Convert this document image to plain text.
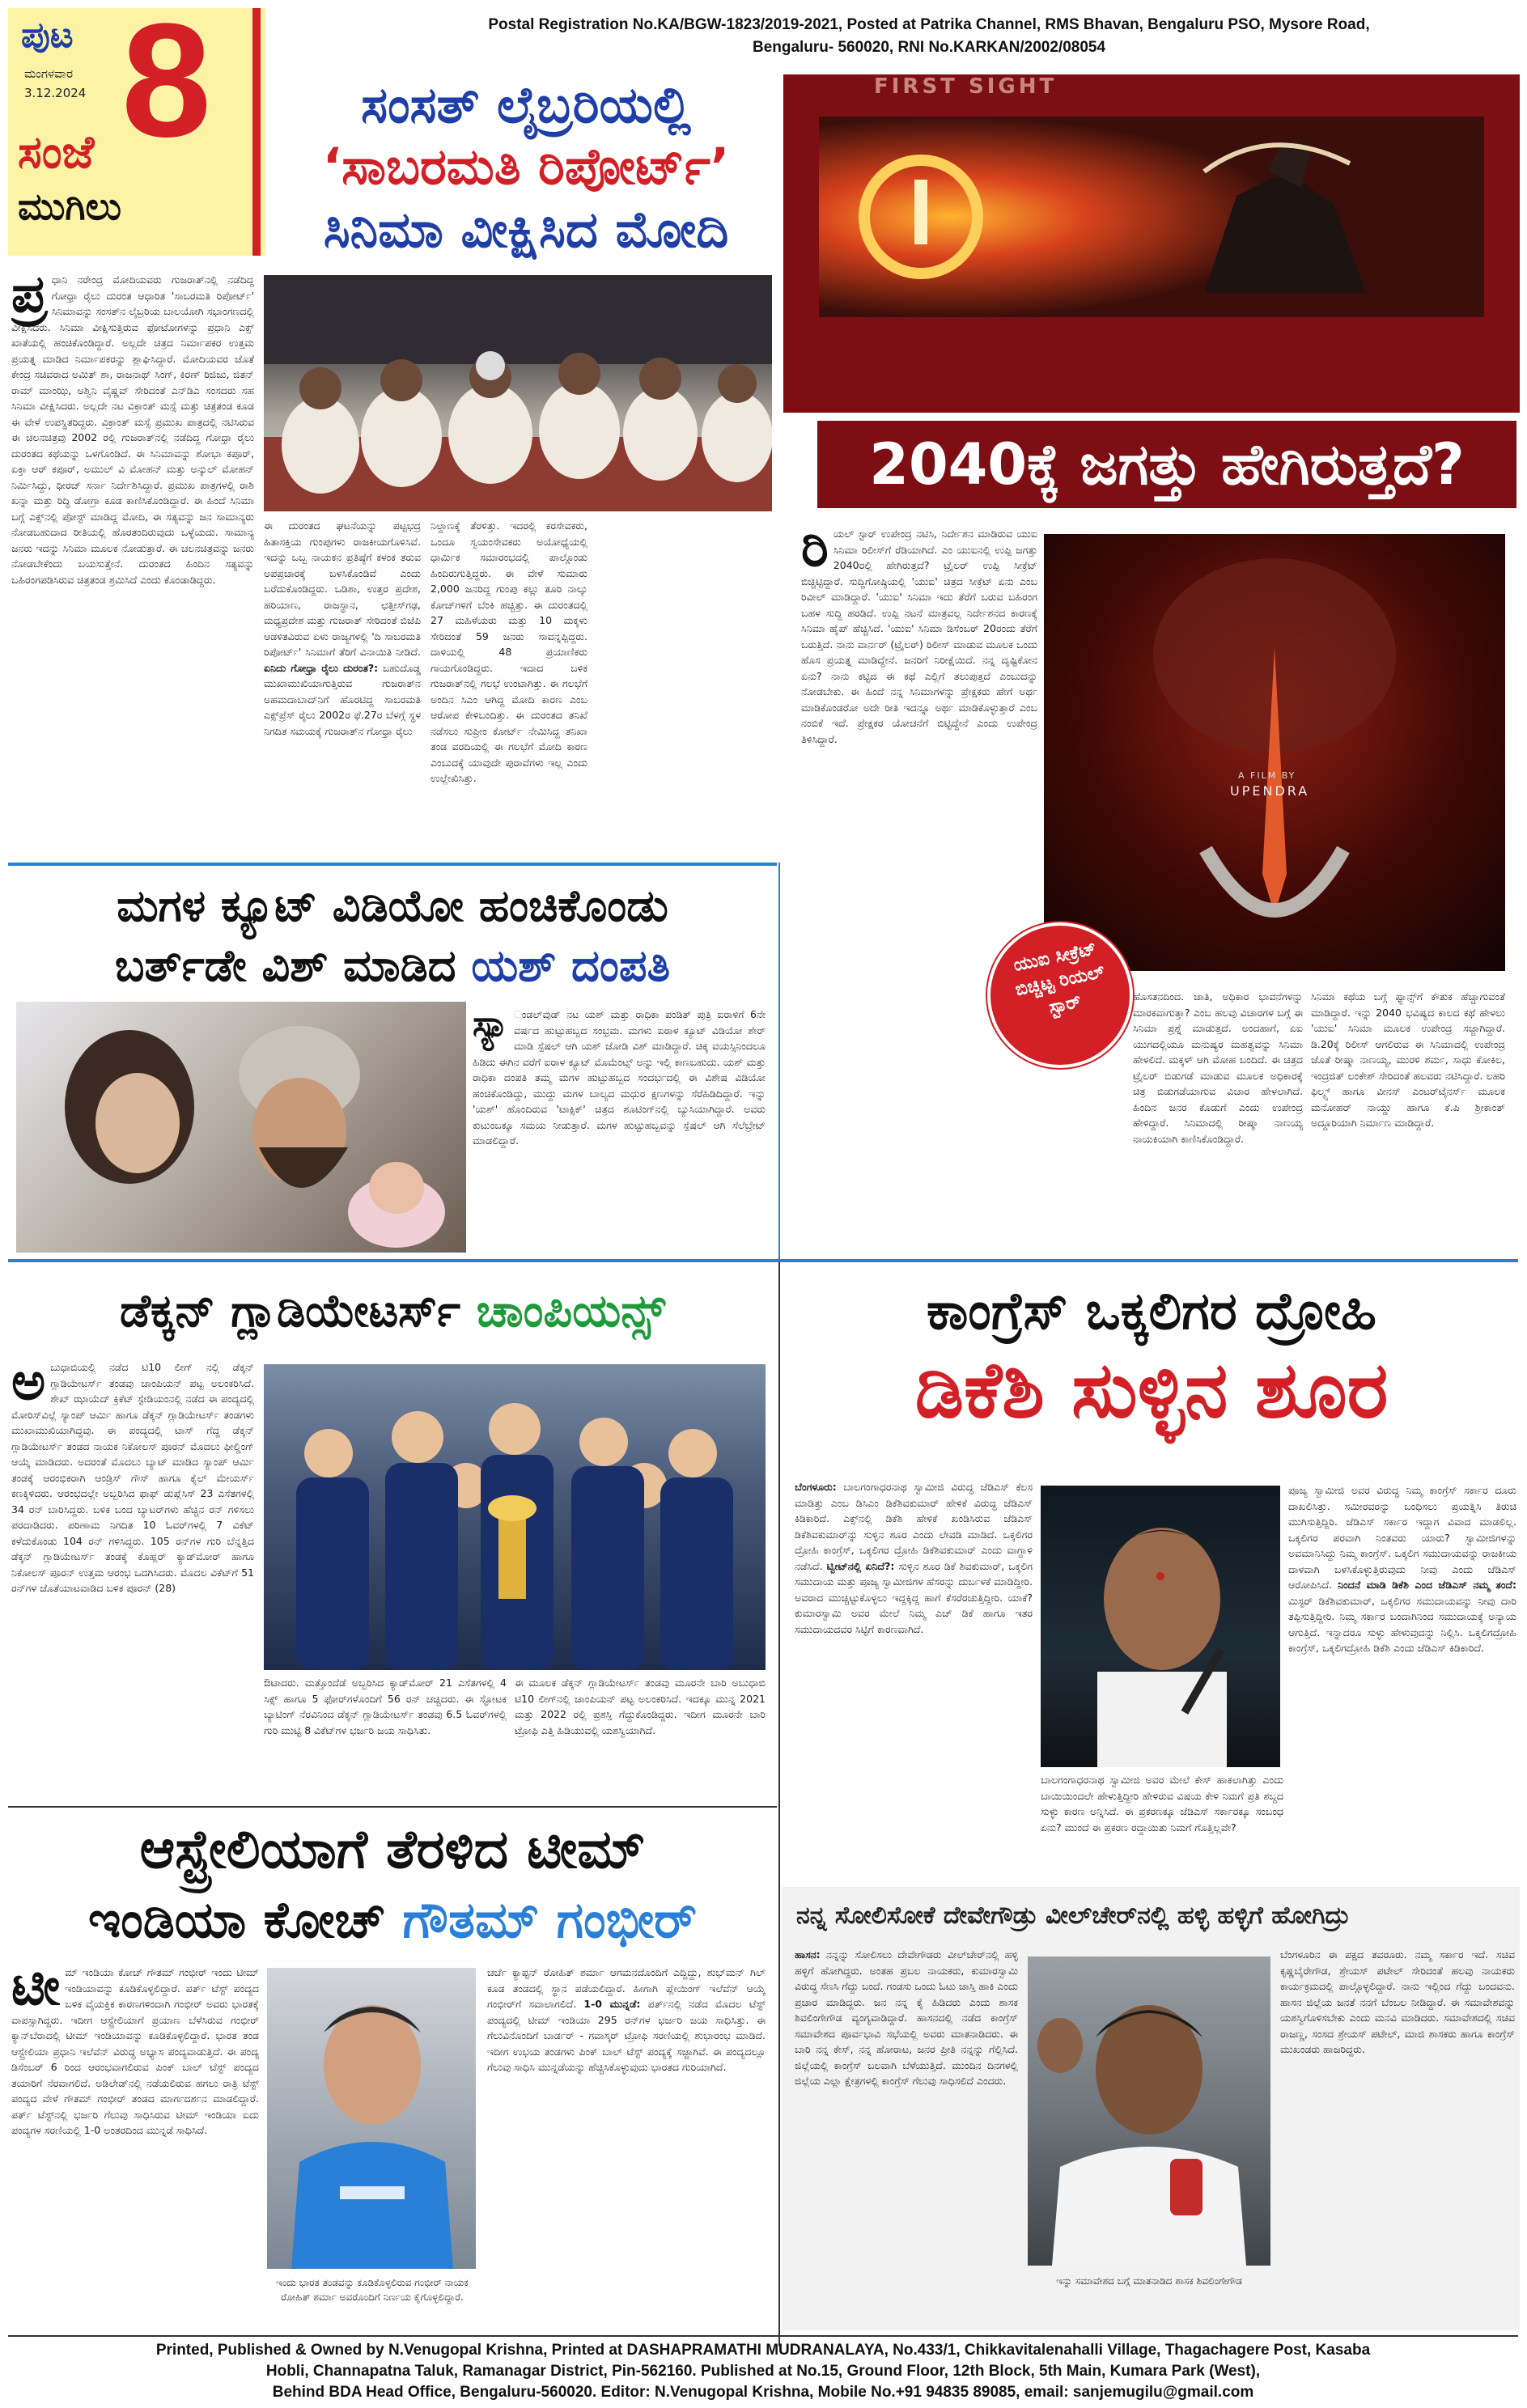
ಪುಟ
ಮಂಗಳವಾರ
3.12.2024 8
ಸಂಜೆ
ಮುಗಿಲು
Postal Registration No.KA/BGW-1823/2019-2021, Posted at Patrika Channel, RMS Bhavan, Bengaluru PSO, Mysore Road,
Bengaluru- 560020, RNI No.KARKAN/2002/08054
ಸಂಸತ್ ಲೈಬ್ರರಿಯಲ್ಲಿ
‘ಸಾಬರಮತಿ ರಿಪೋರ್ಟ್’
ಸಿನಿಮಾ ವೀಕ್ಷಿಸಿದ ಮೋದಿ
ಪ್ರ ಧಾನಿ ನರೇಂದ್ರ ಮೋದಿಯವರು ಗುಜರಾತ್‌ನಲ್ಲಿ ನಡೆದಿದ್ದ ಗೋಧ್ರಾ ರೈಲು ದುರಂತ ಆಧಾರಿತ 'ಸಾಬರಮತಿ ರಿಪೋರ್ಟ್' ಸಿನಿಮಾವನ್ನು ಸಂಸತ್‌ನ ಲೈಬ್ರರಿಯ ಬಾಲಯೋಗಿ ಸಭಾಂಗಣದಲ್ಲಿ ವೀಕ್ಷಿಸಿದರು. ಸಿನಿಮಾ ವೀಕ್ಷಿಸುತ್ತಿರುವ ಫೋಟೋಗಳನ್ನು ಪ್ರಧಾನಿ ಎಕ್ಸ್ ಖಾತೆಯಲ್ಲಿ ಹಂಚಿಕೊಂಡಿದ್ದಾರೆ. ಅಲ್ಲದೇ ಚಿತ್ರದ ನಿರ್ಮಾಪಕರ ಉತ್ತಮ ಪ್ರಯತ್ನ ಮಾಡಿದ ನಿರ್ಮಾಪಕರನ್ನು ಶ್ಲಾಘಿಸಿದ್ದಾರೆ. ಮೋದಿಯವರ ಜೊತೆ ಕೇಂದ್ರ ಸಚಿವರಾದ ಅಮಿತ್ ಶಾ, ರಾಜನಾಥ್ ಸಿಂಗ್, ಕಿರಣ್ ರಿಜಿಜು, ಜಿತನ್ ರಾಮ್ ಮಾಂಝಿ, ಅಶ್ವಿನಿ ವೈಷ್ಣವ್ ಸೇರಿದಂತೆ ಎನ್‌ಡಿಎ ಸಂಸದರು ಸಹ ಸಿನಿಮಾ ವೀಕ್ಷಿಸಿದರು. ಅಲ್ಲದೇ ನಟ ವಿಕ್ರಾಂತ್ ಮಸ್ಸೆ ಮತ್ತು ಚಿತ್ರತಂಡ ಕೂಡ ಈ ವೇಳೆ ಉಪಸ್ಥಿತರಿದ್ದರು. ವಿಕ್ರಾಂತ್ ಮಸ್ಸೆ ಪ್ರಮುಖ ಪಾತ್ರದಲ್ಲಿ ನಟಿಸಿರುವ ಈ ಚಲನಚಿತ್ರವು 2002 ರಲ್ಲಿ ಗುಜರಾತ್‌ನಲ್ಲಿ ನಡೆದಿದ್ದ ಗೋಧ್ರಾ ರೈಲು ದುರಂತದ ಕಥೆಯನ್ನು ಒಳಗೊಂಡಿದೆ. ಈ ಸಿನಿಮಾವನ್ನು ಶೋಭಾ ಕಪೂರ್, ಏಕ್ತಾ ಆರ್ ಕಪೂರ್, ಅಮುಲ್ ವಿ ಮೋಹನ್ ಮತ್ತು ಅನ್ಶುಲ್ ಮೋಹನ್ ನಿರ್ಮಿಸಿದ್ದು, ಧೀರಜ್ ಸರ್ನಾ ನಿರ್ದೇಶಿಸಿದ್ದಾರೆ. ಪ್ರಮುಖ ಪಾತ್ರಗಳಲ್ಲಿ ರಾಶಿ ಖನ್ನಾ ಮತ್ತು ರಿದ್ಧಿ ಡೋಗ್ರಾ ಕೂಡ ಕಾಣಿಸಿಕೊಂಡಿದ್ದಾರೆ. ಈ ಹಿಂದೆ ಸಿನಿಮಾ ಬಗ್ಗೆ ಎಕ್ಸ್‌ನಲ್ಲಿ ಪೋಸ್ಟ್ ಮಾಡಿದ್ದ ಮೋದಿ, ಈ ಸತ್ಯವನ್ನು ಜನ ಸಾಮಾನ್ಯರು ನೋಡಬಹುದಾದ ರೀತಿಯಲ್ಲಿ ಹೊರತಂದಿರುವುದು ಒಳ್ಳೆಯದು. ಸಾಮಾನ್ಯ ಜನರು ಇದನ್ನು ಸಿನಿಮಾ ಮೂಲಕ ನೋಡುತ್ತಾರೆ. ಈ ಚಲನಚಿತ್ರವನ್ನು ಜನರು ನೋಡಬೇಕೆಂದು ಬಯಸುತ್ತೇನೆ. ದುರಂತದ ಹಿಂದಿನ ಸತ್ಯವನ್ನು ಬಹಿರಂಗಪಡಿಸಿರುವ ಚಿತ್ರತಂಡ ಶ್ರಮಿಸಿದೆ ಎಂದು ಕೊಂಡಾಡಿದ್ದರು.
ಈ ದುರಂತದ ಘಟನೆಯನ್ನು ಪಟ್ಟಭದ್ರ ಹಿತಾಸಕ್ತಿಯ ಗುಂಪುಗಳು ರಾಜಕೀಯಗೊಳಿಸಿವೆ. ಇದನ್ನು ಒಬ್ಬ ನಾಯಕನ ಪ್ರತಿಷ್ಠೆಗೆ ಕಳಂಕ ತರುವ ಅಪಪ್ರಚಾರಕ್ಕೆ ಬಳಸಿಕೊಂಡಿವೆ ಎಂದು ಬರೆದುಕೊಂಡಿದ್ದರು. ಒಡಿಶಾ, ಉತ್ತರ ಪ್ರದೇಶ, ಹರಿಯಾಣ, ರಾಜಸ್ಥಾನ, ಛತ್ತೀಸ್‌ಗಢ, ಮಧ್ಯಪ್ರದೇಶ ಮತ್ತು ಗುಜರಾತ್ ಸೇರಿದಂತೆ ಬಿಜೆಪಿ ಆಡಳಿತವಿರುವ ಏಳು ರಾಜ್ಯಗಳಲ್ಲಿ 'ದಿ ಸಾಬರಮತಿ ರಿಪೋರ್ಟ್' ಸಿನಿಮಾಗೆ ತೆರಿಗೆ ವಿನಾಯಿತಿ ನೀಡಿದೆ. ಏನಿದು ಗೋಧ್ರಾ ರೈಲು ದುರಂತ?: ಬಹುದೊಡ್ಡ ಮುಖಾಮುಖಿಯಾಗುತ್ತಿರುವ ಗುಜರಾತ್‌ನ ಅಹಮದಾಬಾದ್‌ನಿಗೆ ಹೊರಟಿದ್ದ ಸಾಬರಮತಿ ಎಕ್ಸ್‌ಪ್ರೆಸ್ ರೈಲು 2002ರ ಫೆ.27ರ ಬೆಳಗ್ಗೆ ಸ್ಥಳ ನಿಗದಿತ ಸಮಯಕ್ಕೆ ಗುಜರಾತ್‌ನ ಗೋಧ್ರಾ ರೈಲು
ನಿಲ್ದಾಣಕ್ಕೆ ತೆರಳಿತ್ತು. ಇದರಲ್ಲಿ ಕರಸೇವಕರು, ಒಂದೂ ಸ್ವಯಂಸೇವಕರು ಅಯೋಧ್ಯೆಯಲ್ಲಿ ಧಾರ್ಮಿಕ ಸಮಾರಂಭದಲ್ಲಿ ಪಾಲ್ಗೊಂಡು ಹಿಂದಿರುಗುತ್ತಿದ್ದರು. ಈ ವೇಳೆ ಸುಮಾರು 2,000 ಜನರಿದ್ದ ಗುಂಪು ಕಲ್ಲು ತೂರಿ ನಾಲ್ಕು ಕೋಚ್‌ಗಳಿಗೆ ಬೆಂಕಿ ಹಚ್ಚಿತ್ತು. ಈ ದುರಂತದಲ್ಲಿ 27 ಮಹಿಳೆಯರು ಮತ್ತು 10 ಮಕ್ಕಳು ಸೇರಿದಂತೆ 59 ಜನರು ಸಾವನ್ನಪ್ಪಿದ್ದರು. ದಾಳಿಯಲ್ಲಿ 48 ಪ್ರಯಾಣಿಕರು ಗಾಯಗೊಂಡಿದ್ದರು. ಇದಾದ ಬಳಿಕ ಗುಜರಾತ್‌ನಲ್ಲಿ ಗಲಭೆ ಉಂಟಾಗಿತ್ತು. ಈ ಗಲಭೆಗೆ ಅಂದಿನ ಸಿಎಂ ಆಗಿದ್ದ ಮೋದಿ ಕಾರಣ ಎಂಬ ಆರೋಪ ಕೇಳಿಬಂದಿತ್ತು. ಈ ದುರಂತದ ತನಿಖೆ ನಡೆಸಲು ಸುಪ್ರೀಂ ಕೋರ್ಟ್ ನೇಮಿಸಿದ್ದ ತನಿಖಾ ತಂಡ ವರದಿಯಲ್ಲಿ ಈ ಗಲಭೆಗೆ ಮೋದಿ ಕಾರಣ ಎಂಬುದಕ್ಕೆ ಯಾವುದೇ ಪುರಾವೆಗಳು ಇಲ್ಲ ಎಂದು ಉಲ್ಲೇಖಿಸಿತ್ತು.
FIRST SIGHT
2040ಕ್ಕೆ ಜಗತ್ತು ಹೇಗಿರುತ್ತದೆ?
ರಿಯಲ್ ಸ್ಟಾರ್ ಉಪೇಂದ್ರ ನಟಿಸಿ, ನಿರ್ದೇಶನ ಮಾಡಿರುವ ಯುಐ ಸಿನಿಮಾ ರಿಲೀಸ್‌ಗೆ ರೆಡಿಯಾಗಿದೆ. ಎಂ ಯುಐನಲ್ಲಿ ಉಪ್ಪಿ ಜಗತ್ತು 2040ರಲ್ಲಿ ಹೇಗಿರುತ್ತದೆ? ಟ್ರೈಲರ್ ಉಪ್ಪಿ ಸೀಕ್ರೆಟ್ ಬಿಚ್ಚಿಟ್ಟಿದ್ದಾರೆ. ಸುದ್ದಿಗೋಷ್ಠಿಯಲ್ಲಿ 'ಯುಐ' ಚಿತ್ರದ ಸೀಕ್ರೆಟ್ ಏನು ಎಂಬ ರಿವೀಲ್ ಮಾಡಿದ್ದಾರೆ. 'ಯುಐ' ಸಿನಿಮಾ ಇದು ತೆರೆಗೆ ಬರುವ ಬಹಿರಂಗ ಬಹಳ ಸುದ್ದಿ ಹರಡಿದೆ. ಉಪ್ಪಿ ನಟನೆ ಮಾತ್ರವಲ್ಲ ನಿರ್ದೇಶನದ ಕಾರಣಕ್ಕೆ ಸಿನಿಮಾ ಹೈಪ್ ಹೆಚ್ಚಿಸಿದೆ. 'ಯುಐ' ಸಿನಿಮಾ ಡಿಸೆಂಬರ್ 20ರಂದು ತೆರೆಗೆ ಬರುತ್ತಿದೆ. ನಾನು ವಾರ್ನರ್ (ಟ್ರೈಲರ್) ರಿಲೀಸ್ ಮಾಡುವ ಮೂಲಕ ಒಂದು ಹೊಸ ಪ್ರಯತ್ನ ಮಾಡಿದ್ದೇನೆ. ಜನರಿಗೆ ನಿರೀಕ್ಷೆಯಿದೆ. ನನ್ನ ದೃಷ್ಟಿಕೋನ ಏನು? ನಾನು ಕಟ್ಟಿದ ಈ ಕಥೆ ಎಲ್ಲಿಗೆ ತಲುಪುತ್ತದೆ ಎಂಬುದನ್ನು ನೋಡಬೇಕು. ಈ ಹಿಂದೆ ನನ್ನ ಸಿನಿಮಾಗಳನ್ನು ಪ್ರೇಕ್ಷಕರು ಹೇಗೆ ಅರ್ಥ ಮಾಡಿಕೊಂಡರೋ ಅದೇ ರೀತಿ ಇದನ್ನೂ ಅರ್ಥ ಮಾಡಿಕೊಳ್ಳುತ್ತಾರೆ ಎಂಬ ನಂಬಿಕೆ ಇದೆ. ಪ್ರೇಕ್ಷಕರ ಯೋಚನೆಗೆ ಬಿಟ್ಟಿದ್ದೇನೆ ಎಂದು ಉಪೇಂದ್ರ ತಿಳಿಸಿದ್ದಾರೆ.
A FILM BY
UPENDRA
ಯುಐ ಸೀಕ್ರೆಟ್ ಬಿಚ್ಚಿಟ್ಟ ರಿಯಲ್ ಸ್ಟಾರ್	ಹೊಸತನದಿಂದ. ಜಾತಿ, ಅಧಿಕಾರ ಭಾವನೆಗಳನ್ನು ಮಾರಕವಾಗುತ್ತಾ? ಎಂಬ ಹಲವು ವಿಚಾರಗಳ ಬಗ್ಗೆ ಈ ಸಿನಿಮಾ ಪ್ರಶ್ನೆ ಮಾಡುತ್ತದೆ. ಅಂದಹಾಗೆ, ಏಐ ಯುಗದಲ್ಲಿಯೂ ಮನುಷ್ಯರ ಮಹತ್ವವನ್ನು ಸಿನಿಮಾ ಹೇಳಲಿದೆ. ಮಕ್ಕಳ್ ಆಗಿ ಮೋಹ ಬಂದಿದೆ. ಈ ಚಿತ್ರದ ಟ್ರೈಲರ್ ಬಿಡುಗಡೆ ಮಾಡುವ ಮೂಲಕ ಅಧಿಕಾರಕ್ಕೆ ಚಿತ್ರ ಬಿಡುಗಡೆಯಾಗುವ ವಿಚಾರ ಹೇಳಲಾಗಿದೆ. ಹಿಂದಿನ ಜನರ ಕೊಡುಗೆ ಎಂದು ಉಪೇಂದ್ರ ಹೇಳಿದ್ದಾರೆ. ಸಿನಿಮಾದಲ್ಲಿ ರೀಷ್ಮಾ ನಾಣಯ್ಯ ನಾಯಕಿಯಾಗಿ ಕಾಣಿಸಿಕೊಂಡಿದ್ದಾರೆ.
ಸಿನಿಮಾ ಕಥೆಯ ಬಗ್ಗೆ ಫ್ಯಾನ್ಸ್‌ಗೆ ಕೌತುಕ ಹೆಚ್ಚಾಗುವಂತೆ ಮಾಡಿದ್ದಾರೆ. ಇನ್ನು 2040 ಭವಿಷ್ಯದ ಕಾಲದ ಕಥೆ ಹೇಳಲು 'ಯುಐ' ಸಿನಿಮಾ ಮೂಲಕ ಉಪೇಂದ್ರ ಸಜ್ಜಾಗಿದ್ದಾರೆ. ಡಿ.20ಕ್ಕೆ ರಿಲೀಸ್ ಆಗಲಿರುವ ಈ ಸಿನಿಮಾದಲ್ಲಿ ಉಪೇಂದ್ರ ಜೊತೆ ರೀಷ್ಮಾ ನಾಣಯ್ಯ, ಮುರಳಿ ಶರ್ಮ, ಸಾಧು ಕೋಕಿಲ, ಇಂದ್ರಜಿತ್ ಲಂಕೇಶ್ ಸೇರಿದಂತೆ ಹಲವರು ನಟಿಸಿದ್ದಾರೆ. ಲಹರಿ ಫಿಲ್ಮ್ಸ್ ಹಾಗೂ ವೀನಸ್ ಎಂಟರ್‌ಟೈನರ್ಸ್ ಮೂಲಕ ಮನೋಹರ್ ನಾಯ್ಡು ಹಾಗೂ ಕೆ.ಪಿ ಶ್ರೀಕಾಂತ್ ಅದ್ದೂರಿಯಾಗಿ ನಿರ್ಮಾಣ ಮಾಡಿದ್ದಾರೆ.
ಮಗಳ ಕ್ಯೂಟ್ ವಿಡಿಯೋ ಹಂಚಿಕೊಂಡು
ಬರ್ತ್‌ಡೇ ವಿಶ್ ಮಾಡಿದ ಯಶ್ ದಂಪತಿ
ಸ್ಯಾ ಂಡಲ್‌ವುಡ್ ನಟ ಯಶ್ ಮತ್ತು ರಾಧಿಕಾ ಪಂಡಿತ್ ಪುತ್ರಿ ಐರಾಳಿಗೆ 6ನೇ ವರ್ಷದ ಹುಟ್ಟುಹಬ್ಬದ ಸಂಭ್ರಮ. ಮಗಳು ಐರಾಳ ಕ್ಯೂಟ್ ವಿಡಿಯೋ ಶೇರ್ ಮಾಡಿ ಸ್ಪೆಷಲ್ ಆಗಿ ಯಶ್ ಜೋಡಿ ವಿಶ್ ಮಾಡಿದ್ದಾರೆ. ಚಿಕ್ಕ ವಯಸ್ಸಿನಿಂದಲೂ ಹಿಡಿದು ಈಗಿನ ವರೆಗೆ ಐರಾಳ ಕ್ಯೂಟ್ ಮೊಮೆಂಟ್ಸ್ ಅನ್ನು ಇಲ್ಲಿ ಕಾಣಬಹುದು. ಯಶ್ ಮತ್ತು ರಾಧಿಕಾ ದಂಪತಿ ತಮ್ಮ ಮಗಳ ಹುಟ್ಟುಹಬ್ಬದ ಸಂದರ್ಭದಲ್ಲಿ ಈ ವಿಶೇಷ ವಿಡಿಯೋ ಹಂಚಿಕೊಂಡಿದ್ದು, ಮುದ್ದು ಮಗಳ ಬಾಲ್ಯದ ಮಧುರ ಕ್ಷಣಗಳನ್ನು ಸೆರೆಹಿಡಿದಿದ್ದಾರೆ. ಇನ್ನು 'ಯಶ್' ಹೊಂದಿರುವ 'ಟಾಕ್ಸಿಕ್' ಚಿತ್ರದ ಶೂಟಿಂಗ್‌ನಲ್ಲಿ ಬ್ಯುಸಿಯಾಗಿದ್ದಾರೆ. ಅವರು ಕುಟುಂಬಕ್ಕೂ ಸಮಯ ನೀಡುತ್ತಾರೆ. ಮಗಳ ಹುಟ್ಟುಹಬ್ಬವನ್ನು ಸ್ಪೆಷಲ್ ಆಗಿ ಸೆಲೆಬ್ರೇಟ್ ಮಾಡಲಿದ್ದಾರೆ.
ಡೆಕ್ಕನ್ ಗ್ಲಾಡಿಯೇಟರ್ಸ್ ಚಾಂಪಿಯನ್ಸ್
ಅಬುಧಾಬಿಯಲ್ಲಿ ನಡೆದ ಟಿ10 ಲೀಗ್ ನಲ್ಲಿ ಡೆಕ್ಕನ್ ಗ್ಲಾಡಿಯೇಟರ್ಸ್ ತಂಡವು ಚಾಂಪಿಯನ್ ಪಟ್ಟ ಅಲಂಕರಿಸಿದೆ. ಶೇಖ್ ಝಾಯೆದ್ ಕ್ರಿಕೆಟ್ ಸ್ಟೇಡಿಯಂನಲ್ಲಿ ನಡೆದ ಈ ಪಂದ್ಯದಲ್ಲಿ ಮೋರಿಸ್‌ವಿಲ್ಲೆ ಸ್ಯಾಂಪ್ ಆರ್ಮಿ ಹಾಗೂ ಡೆಕ್ಕನ್ ಗ್ಲಾಡಿಯೇಟರ್ಸ್ ತಂಡಗಳು ಮುಖಾಮುಖಿಯಾಗಿದ್ದವು. ಈ ಪಂದ್ಯದಲ್ಲಿ ಟಾಸ್ ಗೆದ್ದ ಡೆಕ್ಕನ್ ಗ್ಲಾಡಿಯೇಟರ್ಸ್ ತಂಡದ ನಾಯಕ ನಿಕೋಲಸ್ ಪೂರನ್ ಮೊದಲು ಫೀಲ್ಡಿಂಗ್ ಆಯ್ಕೆ ಮಾಡಿದರು. ಅದರಂತೆ ಮೊದಲು ಬ್ಯಾಟ್ ಮಾಡಿದ ಸ್ಯಾಂಪ್ ಆರ್ಮಿ ತಂಡಕ್ಕೆ ಆರಂಭಿಕರಾಗಿ ಆಂಡ್ರಿಸ್ ಗೌಸ್ ಹಾಗೂ ಕೈಲ್ ಮೇಯರ್ಸ್ ಕಣಕ್ಕಿಳಿದರು. ಆರಂಭದಲ್ಲೇ ಅಬ್ಬರಿಸಿದ ಫಾಫ್ ಡುಪ್ಲೆಸಿಸ್ 23 ಎಸೆತಗಳಲ್ಲಿ 34 ರನ್ ಬಾರಿಸಿದ್ದರು. ಬಳಿಕ ಬಂದ ಬ್ಯಾಟರ್‌ಗಳು ಹೆಚ್ಚಿನ ರನ್ ಗಳಿಸಲು ಪರದಾಡಿದರು. ಪರಿಣಾಮ ನಿಗದಿತ 10 ಓವರ್‌ಗಳಲ್ಲಿ 7 ವಿಕೆಟ್ ಕಳೆದುಕೊಂಡು 104 ರನ್ ಗಳಿಸಿದ್ದರು. 105 ರನ್‌ಗಳ ಗುರಿ ಬೆನ್ನತ್ತಿದ ಡೆಕ್ಕನ್ ಗ್ಲಾಡಿಯೇಟರ್ಸ್ ತಂಡಕ್ಕೆ ಕೊಹ್ಲರ್ ಕ್ಯಾಡ್‌ಮೋರ್ ಹಾಗೂ ನಿಕೋಲಸ್ ಪೂರನ್ ಉತ್ತಮ ಆರಂಭ ಒದಗಿಸಿದರು. ಮೊದಲ ವಿಕೆಟ್‌ಗೆ 51 ರನ್‌ಗಳ ಜೊತೆಯಾಟವಾಡಿದ ಬಳಿಕ ಪೂರನ್ (28)
ಔಟಾದರು. ಮತ್ತೊಂದೆಡೆ ಅಬ್ಬರಿಸಿದ ಕ್ಯಾಡ್‌ಮೋರ್ 21 ಎಸೆತಗಳಲ್ಲಿ 4 ಸಿಕ್ಸ್ ಹಾಗೂ 5 ಫೋರ್‌ಗಳೊಂದಿಗೆ 56 ರನ್ ಚಚ್ಚಿದರು. ಈ ಸ್ಫೋಟಕ ಬ್ಯಾಟಿಂಗ್ ನೆರವಿನಿಂದ ಡೆಕ್ಕನ್ ಗ್ಲಾಡಿಯೇಟರ್ಸ್ ತಂಡವು 6.5 ಓವರ್‌ಗಳಲ್ಲಿ ಗುರಿ ಮುಟ್ಟಿ 8 ವಿಕೆಟ್‌ಗಳ ಭರ್ಜರಿ ಜಯ ಸಾಧಿಸಿತು.
ಈ ಮೂಲಕ ಡೆಕ್ಕನ್ ಗ್ಲಾಡಿಯೇಟರ್ಸ್ ತಂಡವು ಮೂರನೇ ಬಾರಿ ಅಬುಧಾಬಿ ಟಿ10 ಲೀಗ್‌ನಲ್ಲಿ ಚಾಂಪಿಯನ್ ಪಟ್ಟ ಅಲಂಕರಿಸಿದೆ. ಇದಕ್ಕೂ ಮುನ್ನ 2021 ಮತ್ತು 2022 ರಲ್ಲಿ ಪ್ರಶಸ್ತಿ ಗೆದ್ದುಕೊಂಡಿದ್ದರು. ಇದೀಗ ಮೂರನೇ ಬಾರಿ ಟ್ರೋಫಿ ಎತ್ತಿ ಹಿಡಿಯುವಲ್ಲಿ ಯಶಸ್ವಿಯಾಗಿದೆ.
ಕಾಂಗ್ರೆಸ್ ಒಕ್ಕಲಿಗರ ದ್ರೋಹಿ
ಡಿಕೆಶಿ ಸುಳ್ಳಿನ ಶೂರ
ಬೆಂಗಳೂರು: ಬಾಲಗಂಗಾಧರನಾಥ ಸ್ವಾಮೀಜಿ ವಿರುದ್ಧ ಜೆಡಿಎಸ್ ಕೆಲಸ ಮಾಡಿತ್ತು ಎಂಬ ಡಿಸಿಎಂ ಡಿಕೆಶಿವಕುಮಾರ್ ಹೇಳಿಕೆ ವಿರುದ್ಧ ಜೆಡಿಎಸ್ ಕಿಡಿಕಾರಿದೆ. ಎಕ್ಸ್‌ನಲ್ಲಿ ಡಿಕೆಶಿ ಹೇಳಿಕೆ ಖಂಡಿಸಿರುವ ಜೆಡಿಎಸ್ ಡಿಕೆಶಿವಕುಮಾರ್‌ನ್ನು ಸುಳ್ಳಿನ ಶೂರ ಎಂದು ಲೇವಡಿ ಮಾಡಿದೆ. ಒಕ್ಕಲಿಗರ ದ್ರೋಹಿ ಕಾಂಗ್ರೆಸ್, ಒಕ್ಕಲಿಗರ ದ್ರೋಹಿ ಡಿಕೆಶಿವಕುಮಾರ್ ಎಂದು ವಾಗ್ದಾಳಿ ನಡೆಸಿದೆ. ಟ್ವೀಟ್‌ನಲ್ಲಿ ಏನಿದೆ?: ಸುಳ್ಳಿನ ಶೂರ ಡಿಕೆ ಶಿವಕುಮಾರ್, ಒಕ್ಕಲಿಗ ಸಮುದಾಯ ಮತ್ತು ಪೂಜ್ಯ ಸ್ವಾಮೀಜಿಗಳ ಹೆಸರನ್ನು ದುರ್ಬಳಕೆ ಮಾಡಿದ್ದೀರಿ. ಅವರಾದ ಮುಚ್ಚಿಟ್ಟುಕೊಳ್ಳಲು ಇದ್ದಕ್ಕಿದ್ದ ಹಾಗೆ ಕೆಸರೆರಚುತ್ತಿದ್ದೀರಿ. ಯಾಕೆ? ಕುಮಾರಸ್ವಾಮಿ ಅವರ ಮೇಲೆ ನಿಮ್ಮ ಎಚ್ ಡಿಕೆ ಹಾಗೂ ಇತರ ಸಮುದಾಯದವರ ಸಿಟ್ಟಿಗೆ ಕಾರಣವಾಗಿದೆ.
ಪೂಜ್ಯ ಸ್ವಾಮೀಜಿ ಅವರ ವಿರುದ್ಧ ನಿಮ್ಮ ಕಾಂಗ್ರೆಸ್ ಸರ್ಕಾರ ದೂರು ದಾಖಲಿಸಿತ್ತು. ಸಮೀರವರನ್ನು ಬಂಧಿಸಲು ಪ್ರಯತ್ನಿಸಿ ತಿರುಚಿ ಮುಗಿಸುತ್ತಿದ್ದಿರಿ. ಜೆಡಿಎಸ್ ಸರ್ಕಾರ ಇದ್ದಾಗ ವಿವಾದ ಮಾಡಲಿಲ್ಲ. ಒಕ್ಕಲಿಗರ ಪರವಾಗಿ ನಿಂತವರು ಯಾರು? ಸ್ವಾಮೀಜಿಗಳನ್ನು ಅವಮಾನಿಸಿದ್ದು ನಿಮ್ಮ ಕಾಂಗ್ರೆಸ್. ಒಕ್ಕಲಿಗ ಸಮುದಾಯವನ್ನು ರಾಜಕೀಯ ದಾಳವಾಗಿ ಬಳಸಿಕೊಳ್ಳುತ್ತಿರುವುದು ನೀವು ಎಂದು ಜೆಡಿಎಸ್ ಆರೋಪಿಸಿದೆ. ನಿಂದನೆ ಮಾಡಿ ಡಿಕೆಶಿ ಎಂದ ಜೆಡಿಎಸ್ ನಮ್ಮ ತಂದೆ: ಮಿಸ್ಟರ್ ಡಿಕೆಶಿವಕುಮಾರ್, ಒಕ್ಕಲಿಗರ ಸಮುದಾಯವನ್ನು ನೀವು ದಾರಿ ತಪ್ಪಿಸುತ್ತಿದ್ದೀರಿ. ನಿಮ್ಮ ಸರ್ಕಾರ ಬಂದಾಗಿನಿಂದ ಸಮುದಾಯಕ್ಕೆ ಅನ್ಯಾಯ ಆಗುತ್ತಿದೆ. ಇನ್ನಾದರೂ ಸುಳ್ಳು ಹೇಳುವುದನ್ನು ನಿಲ್ಲಿಸಿ. ಒಕ್ಕಲಿಗದ್ರೋಹಿ ಕಾಂಗ್ರೆಸ್, ಒಕ್ಕಲಿಗದ್ರೋಹಿ ಡಿಕೆಶಿ ಎಂದು ಜೆಡಿಎಸ್ ಕಿಡಿಕಾರಿದೆ.
ಬಾಲಗಂಗಾಧರನಾಥ ಸ್ವಾಮೀಜಿ ಅವರ ಮೇಲೆ ಕೇಸ್ ಹಾಕಲಾಗಿತ್ತು ಎಂದು ಬಾಯಿಯಿಂದಲೇ ಹೇಳುತ್ತಿದ್ದೀರಿ ಹೇಳಿರುವ ವಿಷಯ ಕೇಳಿ ನಿಮಗೆ ಪ್ರತಿ ಶಬ್ದದ ಸುಳ್ಳು ಕಾರಣ ಅನ್ನಿಸಿದೆ. ಈ ಪ್ರಕರಣಕ್ಕೂ ಜೆಡಿಎಸ್ ಸರ್ಕಾರಕ್ಕೂ ಸಂಬಂಧ ಏನು? ಮುಂದೆ ಈ ಪ್ರಕರಣ ರದ್ದಾಯಿತು ನಿಮಗೆ ಗೊತ್ತಿಲ್ಲವೇ?
ಆಸ್ಟ್ರೇಲಿಯಾಗೆ ತೆರಳಿದ ಟೀಮ್
ಇಂಡಿಯಾ ಕೋಚ್ ಗೌತಮ್ ಗಂಭೀರ್
ಟೀಮ್ ಇಂಡಿಯಾ ಕೋಚ್ ಗೌತಮ್ ಗಂಭೀರ್ ಇಂದು ಟೀಮ್ ಇಂಡಿಯಾವನ್ನು ಕೂಡಿಕೊಳ್ಳಲಿದ್ದಾರೆ. ಪರ್ತ್ ಟೆಸ್ಟ್ ಪಂದ್ಯದ ಬಳಿಕ ವೈಯಕ್ತಿಕ ಕಾರಣಗಳಿಂದಾಗಿ ಗಂಭೀರ್ ಅವರು ಭಾರತಕ್ಕೆ ವಾಪಸ್ಸಾಗಿದ್ದರು. ಇದೀಗ ಆಸ್ಟ್ರೇಲಿಯಾಗೆ ಪ್ರಯಾಣ ಬೆಳೆಸಿರುವ ಗಂಭೀರ್ ಕ್ಯಾನ್‌ಬೆರಾದಲ್ಲಿ ಟೀಮ್ ಇಂಡಿಯಾವನ್ನು ಕೂಡಿಕೊಳ್ಳಲಿದ್ದಾರೆ. ಭಾರತ ತಂಡ ಆಸ್ಟ್ರೇಲಿಯಾ ಪ್ರಧಾನಿ ಇಲೆವೆನ್ ವಿರುದ್ಧ ಅಭ್ಯಾಸ ಪಂದ್ಯವಾಡುತ್ತಿದೆ. ಈ ಪಂದ್ಯ ಡಿಸೆಂಬರ್ 6 ರಿಂದ ಆರಂಭವಾಗಲಿರುವ ಪಿಂಕ್ ಬಾಲ್ ಟೆಸ್ಟ್ ಪಂದ್ಯದ ತಯಾರಿಗೆ ನೆರವಾಗಲಿದೆ. ಅಡಿಲೇಡ್‌ನಲ್ಲಿ ನಡೆಯಲಿರುವ ಹಗಲು ರಾತ್ರಿ ಟೆಸ್ಟ್ ಪಂದ್ಯದ ವೇಳೆ ಗೌತಮ್ ಗಂಭೀರ್ ತಂಡದ ಮಾರ್ಗದರ್ಶನ ಮಾಡಲಿದ್ದಾರೆ. ಪರ್ತ್ ಟೆಸ್ಟ್‌ನಲ್ಲಿ ಭರ್ಜರಿ ಗೆಲುವು ಸಾಧಿಸಿರುವ ಟೀಮ್ ಇಂಡಿಯಾ ಐದು ಪಂದ್ಯಗಳ ಸರಣಿಯಲ್ಲಿ 1-0 ಅಂತರದಿಂದ ಮುನ್ನಡೆ ಸಾಧಿಸಿದೆ.
ಇಂದು ಭಾರತ ತಂಡವನ್ನು ಕೂಡಿಕೊಳ್ಳಲಿರುವ ಗಂಭೀರ್ ನಾಯಕ ರೋಹಿತ್ ಶರ್ಮಾ ಅವರೊಂದಿಗೆ ನಿರ್ಣಯ ಕೈಗೊಳ್ಳಲಿದ್ದಾರೆ.
ಚರ್ಚೆ ಕ್ಯಾಪ್ಟನ್ ರೋಹಿತ್ ಶರ್ಮಾ ಆಗಮನದೊಂದಿಗೆ ಎದ್ದಿದ್ದು, ಶುಭ್‌ಮನ್ ಗಿಲ್ ಕೂಡ ತಂಡದಲ್ಲಿ ಸ್ಥಾನ ಪಡೆಯಲಿದ್ದಾರೆ. ಹೀಗಾಗಿ ಪ್ಲೇಯಿಂಗ್ ಇಲೆವೆನ್ ಆಯ್ಕೆ ಗಂಭೀರ್‌ಗೆ ಸವಾಲಾಗಲಿದೆ. 1-0 ಮುನ್ನಡೆ: ಪರ್ತ್‌ನಲ್ಲಿ ನಡೆದ ಮೊದಲ ಟೆಸ್ಟ್ ಪಂದ್ಯದಲ್ಲಿ ಟೀಮ್ ಇಂಡಿಯಾ 295 ರನ್‌ಗಳ ಭರ್ಜರಿ ಜಯ ಸಾಧಿಸಿತ್ತು. ಈ ಗೆಲುವಿನೊಂದಿಗೆ ಬಾರ್ಡರ್ - ಗವಾಸ್ಕರ್ ಟ್ರೋಫಿ ಸರಣಿಯಲ್ಲಿ ಶುಭಾರಂಭ ಮಾಡಿದೆ. ಇದೀಗ ಉಭಯ ತಂಡಗಳು ಪಿಂಕ್ ಬಾಲ್ ಟೆಸ್ಟ್ ಪಂದ್ಯಕ್ಕೆ ಸಜ್ಜಾಗಿವೆ. ಈ ಪಂದ್ಯದಲ್ಲೂ ಗೆಲುವು ಸಾಧಿಸಿ ಮುನ್ನಡೆಯನ್ನು ಹೆಚ್ಚಿಸಿಕೊಳ್ಳುವುದು ಭಾರತದ ಗುರಿಯಾಗಿದೆ.
ನನ್ನ ಸೋಲಿಸೋಕೆ ದೇವೇಗೌಡ್ರು ವೀಲ್‌ಚೇರ್‌ನಲ್ಲಿ ಹಳ್ಳಿ ಹಳ್ಳಿಗೆ ಹೋಗಿದ್ರು
ಹಾಸನ: ನನ್ನನ್ನು ಸೋಲಿಸಲು ದೇವೇಗೌಡರು ವೀಲ್‌ಚೇರ್‌ನಲ್ಲಿ ಹಳ್ಳಿ ಹಳ್ಳಿಗೆ ಹೋಗಿದ್ದರು. ಅಂತಹ ಪ್ರಬಲ ನಾಯಕರು, ಕುಮಾರಸ್ವಾಮಿ ವಿರುದ್ಧ ಸೆಣಸಿ ಗೆದ್ದು ಬಂದೆ. ಗಂಡಸು ಒಂದು ಓಟು ಜಾಸ್ತಿ ಹಾಕಿ ಎಂದು ಪ್ರಚಾರ ಮಾಡಿದ್ದರು. ಜನ ನನ್ನ ಕೈ ಹಿಡಿದರು ಎಂದು ಶಾಸಕ ಶಿವಲಿಂಗೇಗೌಡ ವ್ಯಂಗ್ಯವಾಡಿದ್ದಾರೆ. ಹಾಸನದಲ್ಲಿ ನಡೆದ ಕಾಂಗ್ರೆಸ್ ಸಮಾವೇಶದ ಪೂರ್ವಭಾವಿ ಸಭೆಯಲ್ಲಿ ಅವರು ಮಾತನಾಡಿದರು. ಈ ಬಾರಿ ನನ್ನ ಕೇಸ್, ನನ್ನ ಹೋರಾಟ, ಜನರ ಪ್ರೀತಿ ನನ್ನನ್ನು ಗೆಲ್ಲಿಸಿದೆ. ಜಿಲ್ಲೆಯಲ್ಲಿ ಕಾಂಗ್ರೆಸ್ ಬಲವಾಗಿ ಬೆಳೆಯುತ್ತಿದೆ. ಮುಂದಿನ ದಿನಗಳಲ್ಲಿ ಜಿಲ್ಲೆಯ ಎಲ್ಲಾ ಕ್ಷೇತ್ರಗಳಲ್ಲಿ ಕಾಂಗ್ರೆಸ್ ಗೆಲುವು ಸಾಧಿಸಲಿದೆ ಎಂದರು.
ಇನ್ನು ಸಮಾವೇಶದ ಬಗ್ಗೆ ಮಾತನಾಡಿದ ಶಾಸಕ ಶಿವಲಿಂಗೇಗೌಡ
ಬೆಂಗಳೂರಿನ ಈ ಪಕ್ಷದ ತವರೂರು. ನಮ್ಮ ಸರ್ಕಾರ ಇದೆ. ಸಚಿವ ಕೃಷ್ಣಬೈರೇಗೌಡ, ಶ್ರೇಯಸ್ ಪಟೇಲ್ ಸೇರಿದಂತೆ ಹಲವು ನಾಯಕರು ಕಾರ್ಯಕ್ರಮದಲ್ಲಿ ಪಾಲ್ಗೊಳ್ಳಲಿದ್ದಾರೆ. ನಾನು ಇಲ್ಲಿಂದ ಗೆದ್ದು ಬಂದವನು. ಹಾಸನ ಜಿಲ್ಲೆಯ ಜನತೆ ನನಗೆ ಬೆಂಬಲ ನೀಡಿದ್ದಾರೆ. ಈ ಸಮಾವೇಶವನ್ನು ಯಶಸ್ವಿಗೊಳಿಸಬೇಕು ಎಂದು ಮನವಿ ಮಾಡಿದರು. ಸಮಾವೇಶದಲ್ಲಿ ಸಚಿವ ರಾಜಣ್ಣ, ಸಂಸದ ಶ್ರೇಯಸ್ ಪಟೇಲ್, ಮಾಜಿ ಶಾಸಕರು ಹಾಗೂ ಕಾಂಗ್ರೆಸ್ ಮುಖಂಡರು ಹಾಜರಿದ್ದರು.
Printed, Published & Owned by N.Venugopal Krishna, Printed at DASHAPRAMATHI MUDRANALAYA, No.433/1, Chikkavitalenahalli Village, Thagachagere Post, Kasaba
Hobli, Channapatna Taluk, Ramanagar District, Pin-562160. Published at No.15, Ground Floor, 12th Block, 5th Main, Kumara Park (West),
Behind BDA Head Office, Bengaluru-560020. Editor: N.Venugopal Krishna, Mobile No.+91 94835 89085, email: sanjemugilu@gmail.com
